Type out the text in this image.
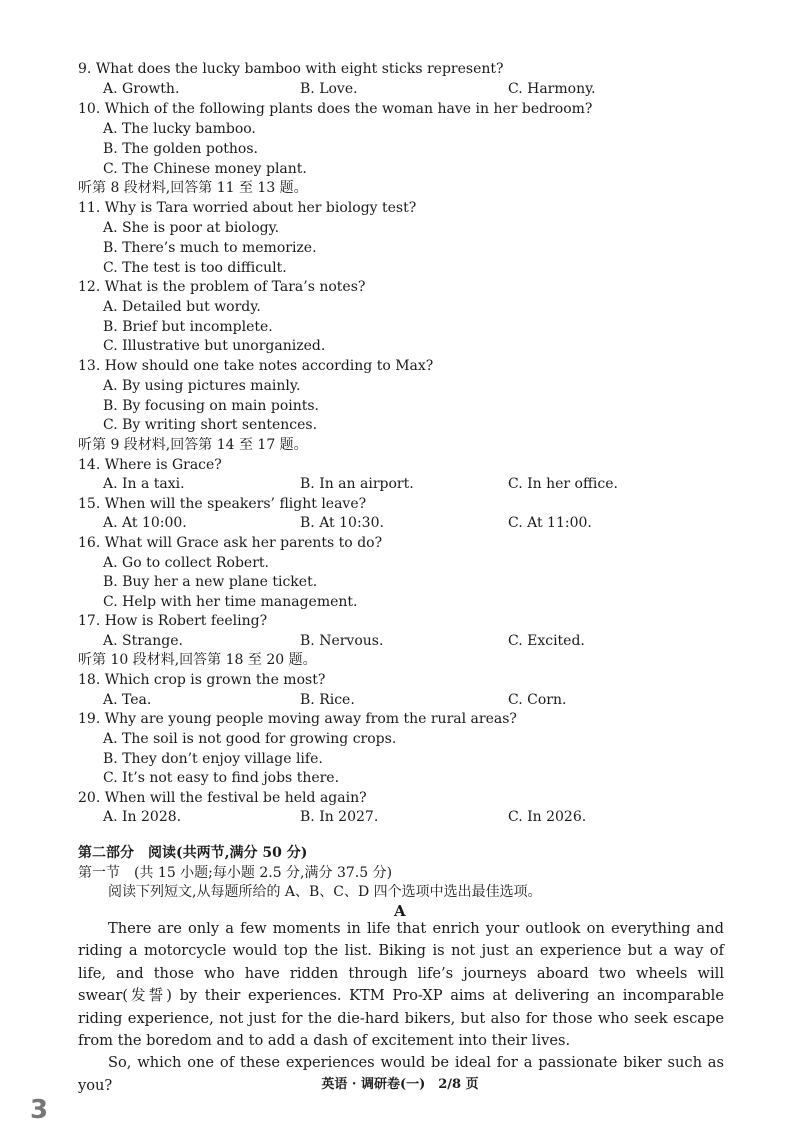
9. What does the lucky bamboo with eight sticks represent?
A. Growth.	B. Love.	C. Harmony.
10. Which of the following plants does the woman have in her bedroom?
A. The lucky bamboo.
B. The golden pothos.
C. The Chinese money plant.
听第 8 段材料,回答第 11 至 13 题。
11. Why is Tara worried about her biology test?
A. She is poor at biology.
B. There’s much to memorize.
C. The test is too difficult.
12. What is the problem of Tara’s notes?
A. Detailed but wordy.
B. Brief but incomplete.
C. Illustrative but unorganized.
13. How should one take notes according to Max?
A. By using pictures mainly.
B. By focusing on main points.
C. By writing short sentences.
听第 9 段材料,回答第 14 至 17 题。
14. Where is Grace?
A. In a taxi.	B. In an airport.	C. In her office.
15. When will the speakers’ flight leave?
A. At 10:00.	B. At 10:30.	C. At 11:00.
16. What will Grace ask her parents to do?
A. Go to collect Robert.
B. Buy her a new plane ticket.
C. Help with her time management.
17. How is Robert feeling?
A. Strange.	B. Nervous.	C. Excited.
听第 10 段材料,回答第 18 至 20 题。
18. Which crop is grown the most?
A. Tea.	B. Rice.	C. Corn.
19. Why are young people moving away from the rural areas?
A. The soil is not good for growing crops.
B. They don’t enjoy village life.
C. It’s not easy to find jobs there.
20. When will the festival be held again?
A. In 2028.	B. In 2027.	C. In 2026.
第二部分　阅读(共两节,满分 50 分)
第一节　(共 15 小题;每小题 2.5 分,满分 37.5 分)
阅读下列短文,从每题所给的 A、B、C、D 四个选项中选出最佳选项。
A

There are only a few moments in life that enrich your outlook on everything and riding a motorcycle would top the list. Biking is not just an experience but a way of life, and those who have ridden through life’s journeys aboard two wheels will swear(发誓) by their experiences. KTM Pro-XP aims at delivering an incomparable riding experience, not just for the die-hard bikers, but also for those who seek escape from the boredom and to add a dash of excitement into their lives.

So, which one of these experiences would be ideal for a passionate biker such as you?	英语 · 调研卷(一)　2/8 页
3
